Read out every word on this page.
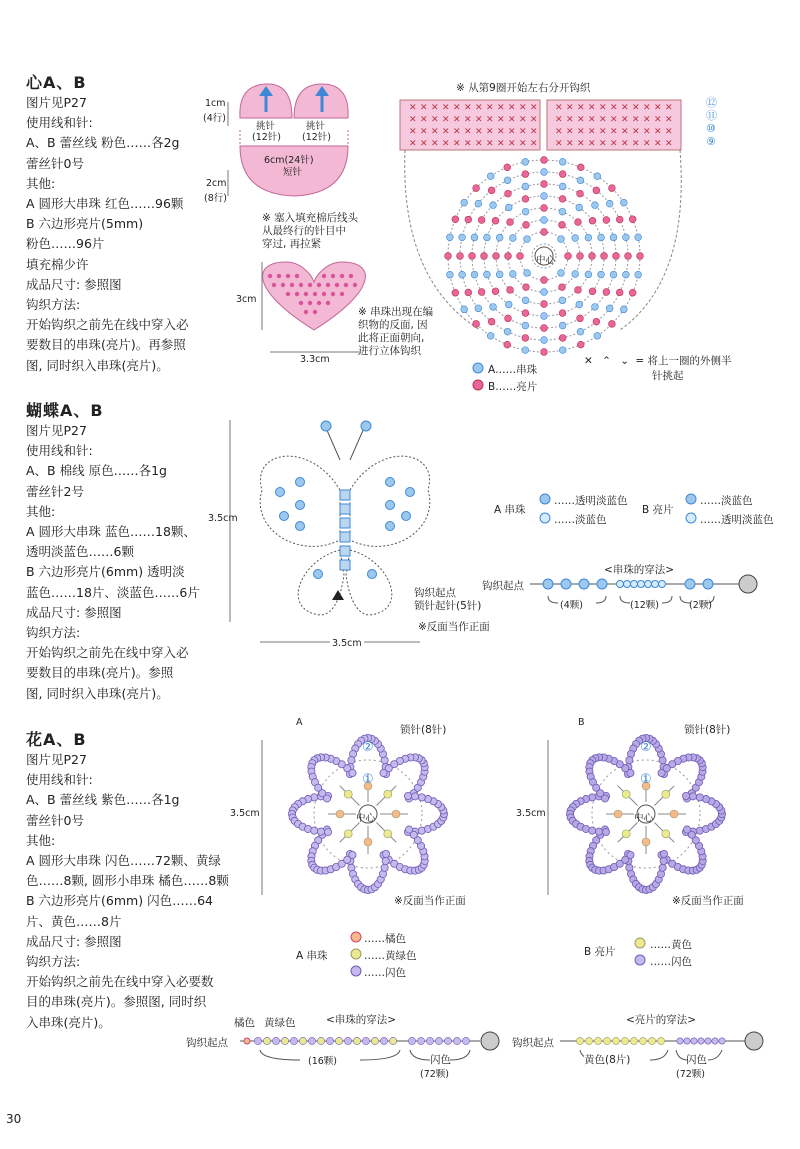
心A、B
图片见P27
使用线和针:
A、B 蕾丝线 粉色……各2g
蕾丝针0号
其他:
A 圆形大串珠 红色……96颗
B 六边形亮片(5mm)
粉色……96片
填充棉少许
成品尺寸: 参照图
钩织方法:
开始钩织之前先在线中穿入必
要数目的串珠(亮片)。再参照
图, 同时织入串珠(亮片)。
蝴蝶A、B
图片见P27
使用线和针:
A、B 棉线 原色……各1g
蕾丝针2号
其他:
A 圆形大串珠 蓝色……18颗、
透明淡蓝色……6颗
B 六边形亮片(6mm) 透明淡
蓝色……18片、淡蓝色……6片
成品尺寸: 参照图
钩织方法:
开始钩织之前先在线中穿入必
要数目的串珠(亮片)。参照
图, 同时织入串珠(亮片)。
花A、B
图片见P27
使用线和针:
A、B 蕾丝线 紫色……各1g
蕾丝针0号
其他:
A 圆形大串珠 闪色……72颗、黄绿
色……8颗, 圆形小串珠 橘色……8颗
B 六边形亮片(6mm) 闪色……64
片、黄色……8片
成品尺寸: 参照图
钩织方法:
开始钩织之前先在线中穿入必要数
目的串珠(亮片)。参照图, 同时织
入串珠(亮片)。
30
✕ ✕ ✕ ✕ ✕ ✕ ✕ ✕ ✕ ✕ ✕ ✕
✕ ✕ ✕ ✕ ✕ ✕ ✕ ✕ ✕ ✕ ✕ ✕
✕ ✕ ✕ ✕ ✕ ✕ ✕ ✕ ✕ ✕ ✕ ✕
✕ ✕ ✕ ✕ ✕ ✕ ✕ ✕ ✕ ✕ ✕ ✕
✕ ✕ ✕ ✕ ✕ ✕ ✕ ✕ ✕ ✕ ✕
✕ ✕ ✕ ✕ ✕ ✕ ✕ ✕ ✕ ✕ ✕
✕ ✕ ✕ ✕ ✕ ✕ ✕ ✕ ✕ ✕ ✕
✕ ✕ ✕ ✕ ✕ ✕ ✕ ✕ ✕ ✕ ✕
1cm
(4行)
挑针
(12针)
挑针
(12针)
6cm(24针)
短针
2cm
(8行)
※ 塞入填充棉后线头
从最终行的针目中
穿过, 再拉紧
3cm
3.3cm
※ 串珠出现在编
织物的反面, 因
此将正面朝向,
进行立体钩织
※ 从第9圈开始左右分开钩织
⑫
⑪
⑩
⑨
中心
A……串珠
B……亮片
✕ ⌃ ⌄ = 将上一圈的外侧半
针挑起
3.5cm
3.5cm
钩织起点
锁针起针(5针)
※反面当作正面
A 串珠
……透明淡蓝色
……淡蓝色
B 亮片
……淡蓝色
……透明淡蓝色
<串珠的穿法>
钩织起点
(4颗)	(12颗)	(2颗)
A	B
锁针(8针)	锁针(8针)
3.5cm	3.5cm
②
①
②
①
中心	中心
※反面当作正面	※反面当作正面
A 串珠
……橘色
……黄绿色
……闪色
B 亮片
……黄色
……闪色
橘色 黄绿色	<串珠的穿法>	<亮片的穿法>
钩织起点	钩织起点
(16颗)	闪色
(72颗)
黄色(8片)	闪色
(72颗)
